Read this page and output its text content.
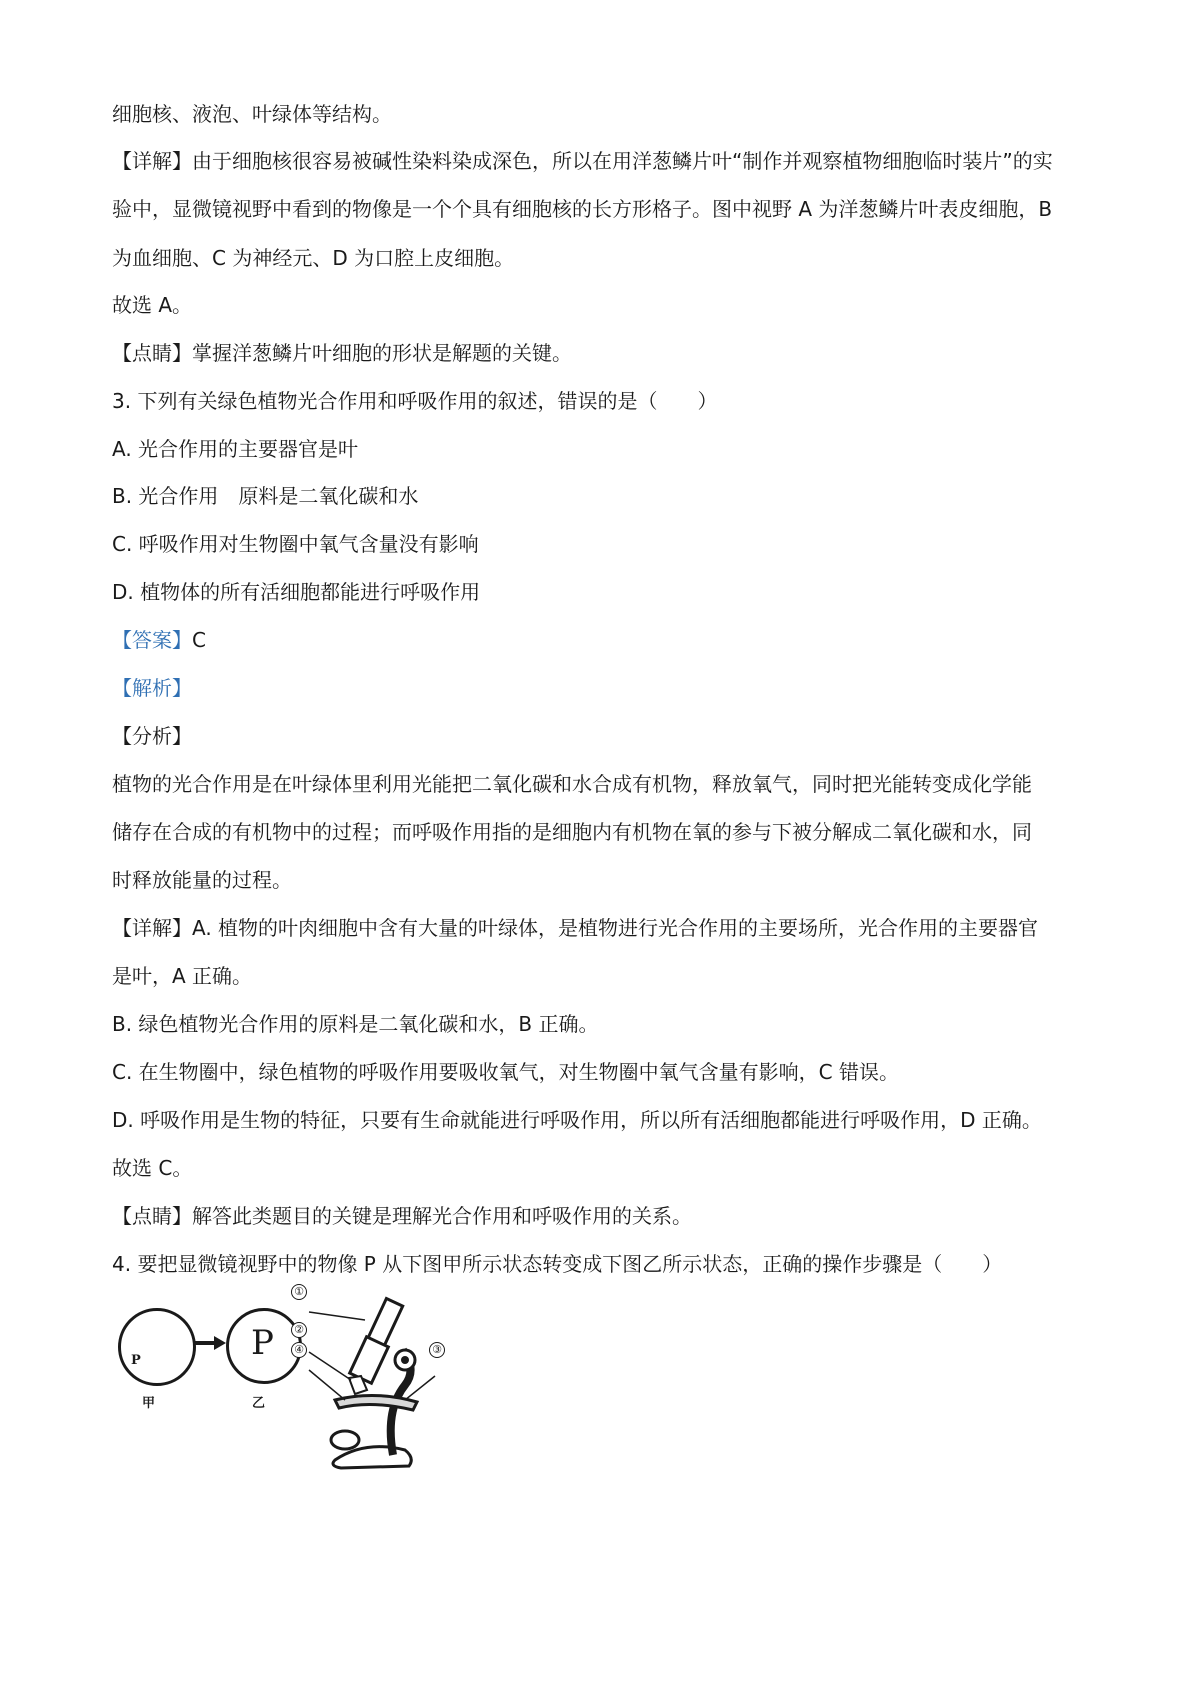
细胞核、液泡、叶绿体等结构。
【详解】由于细胞核很容易被碱性染料染成深色，所以在用洋葱鳞片叶“制作并观察植物细胞临时装片”的实
验中，显微镜视野中看到的物像是一个个具有细胞核的长方形格子。图中视野 A 为洋葱鳞片叶表皮细胞，B
为血细胞、C 为神经元、D 为口腔上皮细胞。
故选 A。
【点睛】掌握洋葱鳞片叶细胞的形状是解题的关键。
3. 下列有关绿色植物光合作用和呼吸作用的叙述，错误的是（　　）
A. 光合作用的主要器官是叶
B. 光合作用　原料是二氧化碳和水
C. 呼吸作用对生物圈中氧气含量没有影响
D. 植物体的所有活细胞都能进行呼吸作用
【答案】C
【解析】
【分析】
植物的光合作用是在叶绿体里利用光能把二氧化碳和水合成有机物，释放氧气，同时把光能转变成化学能
储存在合成的有机物中的过程；而呼吸作用指的是细胞内有机物在氧的参与下被分解成二氧化碳和水，同
时释放能量的过程。
【详解】A. 植物的叶肉细胞中含有大量的叶绿体，是植物进行光合作用的主要场所，光合作用的主要器官
是叶，A 正确。
B. 绿色植物光合作用的原料是二氧化碳和水，B 正确。
C. 在生物圈中，绿色植物的呼吸作用要吸收氧气，对生物圈中氧气含量有影响，C 错误。
D. 呼吸作用是生物的特征，只要有生命就能进行呼吸作用，所以所有活细胞都能进行呼吸作用，D 正确。
故选 C。
【点睛】解答此类题目的关键是理解光合作用和呼吸作用的关系。
4. 要把显微镜视野中的物像 P 从下图甲所示状态转变成下图乙所示状态，正确的操作步骤是（　　）
P	P
甲	乙
①
②
④	③
